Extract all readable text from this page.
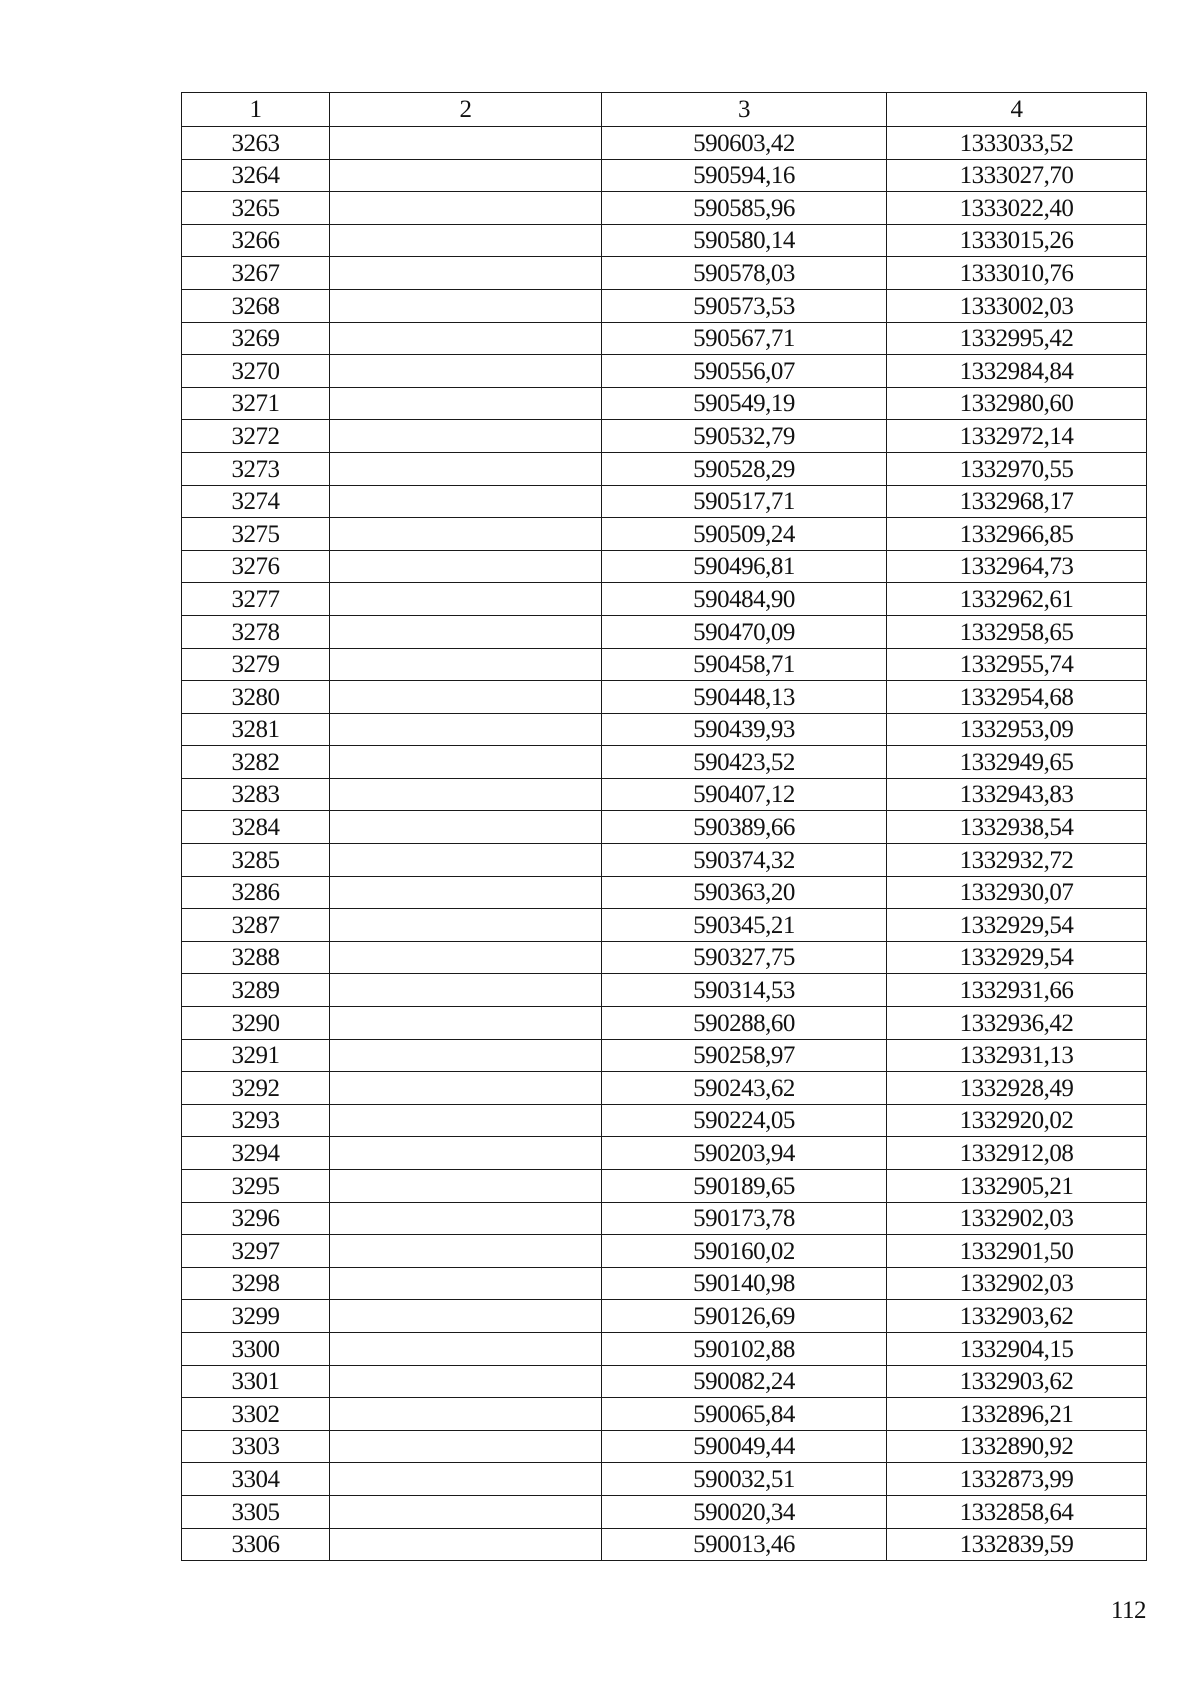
1	2	3	4
3263		590603,42	1333033,52
3264		590594,16	1333027,70
3265		590585,96	1333022,40
3266		590580,14	1333015,26
3267		590578,03	1333010,76
3268		590573,53	1333002,03
3269		590567,71	1332995,42
3270		590556,07	1332984,84
3271		590549,19	1332980,60
3272		590532,79	1332972,14
3273		590528,29	1332970,55
3274		590517,71	1332968,17
3275		590509,24	1332966,85
3276		590496,81	1332964,73
3277		590484,90	1332962,61
3278		590470,09	1332958,65
3279		590458,71	1332955,74
3280		590448,13	1332954,68
3281		590439,93	1332953,09
3282		590423,52	1332949,65
3283		590407,12	1332943,83
3284		590389,66	1332938,54
3285		590374,32	1332932,72
3286		590363,20	1332930,07
3287		590345,21	1332929,54
3288		590327,75	1332929,54
3289		590314,53	1332931,66
3290		590288,60	1332936,42
3291		590258,97	1332931,13
3292		590243,62	1332928,49
3293		590224,05	1332920,02
3294		590203,94	1332912,08
3295		590189,65	1332905,21
3296		590173,78	1332902,03
3297		590160,02	1332901,50
3298		590140,98	1332902,03
3299		590126,69	1332903,62
3300		590102,88	1332904,15
3301		590082,24	1332903,62
3302		590065,84	1332896,21
3303		590049,44	1332890,92
3304		590032,51	1332873,99
3305		590020,34	1332858,64
3306		590013,46	1332839,59
112
